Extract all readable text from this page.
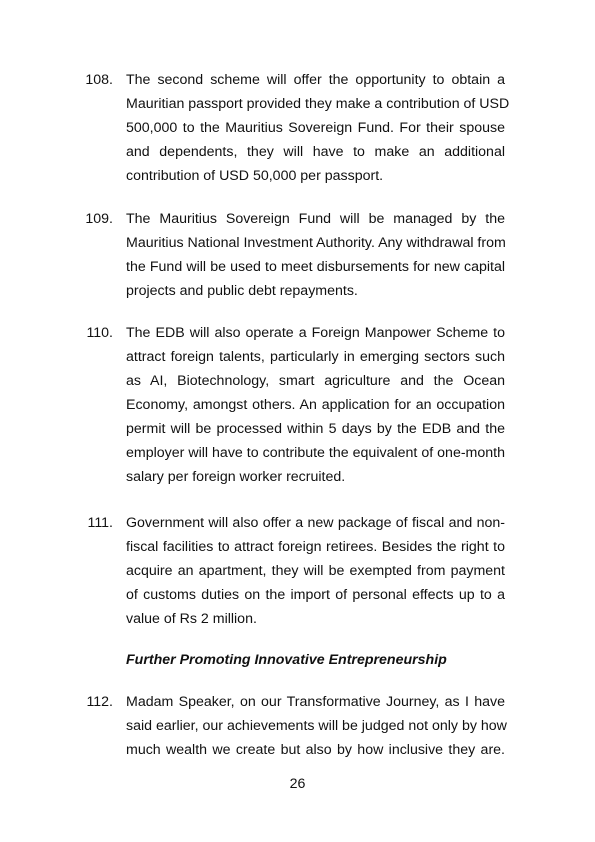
108. The second scheme will offer the opportunity to obtain a
Mauritian passport provided they make a contribution of USD
500,000 to the Mauritius Sovereign Fund. For their spouse
and dependents, they will have to make an additional
contribution of USD 50,000 per passport.
109. The Mauritius Sovereign Fund will be managed by the
Mauritius National Investment Authority. Any withdrawal from
the Fund will be used to meet disbursements for new capital
projects and public debt repayments.
110. The EDB will also operate a Foreign Manpower Scheme to
attract foreign talents, particularly in emerging sectors such
as AI, Biotechnology, smart agriculture and the Ocean
Economy, amongst others. An application for an occupation
permit will be processed within 5 days by the EDB and the
employer will have to contribute the equivalent of one-month
salary per foreign worker recruited.
111. Government will also offer a new package of fiscal and non-
fiscal facilities to attract foreign retirees. Besides the right to
acquire an apartment, they will be exempted from payment
of customs duties on the import of personal effects up to a
value of Rs 2 million.
Further Promoting Innovative Entrepreneurship
112. Madam Speaker, on our Transformative Journey, as I have
said earlier, our achievements will be judged not only by how
much wealth we create but also by how inclusive they are.
26
